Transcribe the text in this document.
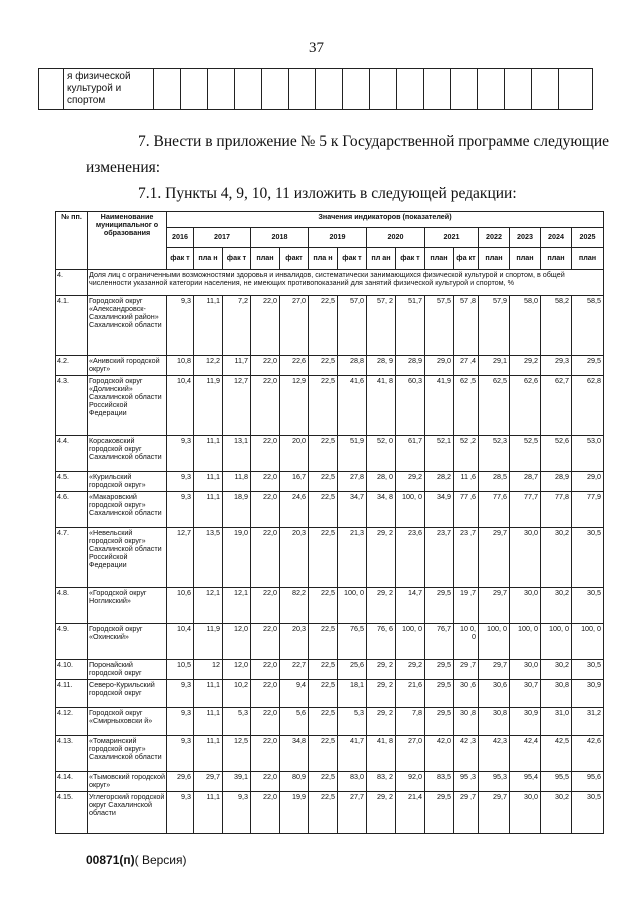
37
	я физической культурой и спортом																
7. Внести в приложение № 5 к Государственной программе следующие
изменения:
7.1. Пункты 4, 9, 10, 11 изложить в следующей редакции:
№ пп.	Наименование муниципальног о образования	Значения индикаторов (показателей)														
		2016	2017		2018		2019		2020		2021		2022	2023	2024	2025
		фак т	пла н	фак т	план	факт	пла н	фак т	пл ан	фак т	план	фа кт	план	план	план	план
4.	Доля лиц с ограниченными возможностями здоровья и инвалидов, систематически занимающихся физической культурой и спортом, в общей численности указанной категории населения, не имеющих противопоказаний для занятий физической культурой и спортом, %															
4.1.	Городской округ «Александровск-Сахалинский район» Сахалинской области	9,3	11,1	7,2	22,0	27,0	22,5	57,0	57, 2	51,7	57,5	57 ,8	57,9	58,0	58,2	58,5
4.2.	«Анивский городской округ»	10,8	12,2	11,7	22,0	22,6	22,5	28,8	28, 9	28,9	29,0	27 ,4	29,1	29,2	29,3	29,5
4.3.	Городской округ «Долинский» Сахалинской области Российской Федерации	10,4	11,9	12,7	22,0	12,9	22,5	41,6	41, 8	60,3	41,9	62 ,5	62,5	62,6	62,7	62,8
4.4.	Корсаковский городской округ Сахалинской области	9,3	11,1	13,1	22,0	20,0	22,5	51,9	52, 0	61,7	52,1	52 ,2	52,3	52,5	52,6	53,0
4.5.	«Курильский городской округ»	9,3	11,1	11,8	22,0	16,7	22,5	27,8	28, 0	29,2	28,2	11 ,6	28,5	28,7	28,9	29,0
4.6.	«Макаровский городской округ» Сахалинской области	9,3	11,1	18,9	22,0	24,6	22,5	34,7	34, 8	100, 0	34,9	77 ,6	77,6	77,7	77,8	77,9
4.7.	«Невельский городской округ» Сахалинской области Российской Федерации	12,7	13,5	19,0	22,0	20,3	22,5	21,3	29, 2	23,6	23,7	23 ,7	29,7	30,0	30,2	30,5
4.8.	«Городской округ Ногликский»	10,6	12,1	12,1	22,0	82,2	22,5	100, 0	29, 2	14,7	29,5	19 ,7	29,7	30,0	30,2	30,5
4.9.	Городской округ «Охинский»	10,4	11,9	12,0	22,0	20,3	22,5	76,5	76, 6	100, 0	76,7	10 0, 0	100, 0	100, 0	100, 0	100, 0
4.10.	Поронайский городской округ	10,5	12	12,0	22,0	22,7	22,5	25,6	29, 2	29,2	29,5	29 ,7	29,7	30,0	30,2	30,5
4.11.	Северо-Курильский городской округ	9,3	11,1	10,2	22,0	9,4	22,5	18,1	29, 2	21,6	29,5	30 ,6	30,6	30,7	30,8	30,9
4.12.	Городской округ «Смирныховски й»	9,3	11,1	5,3	22,0	5,6	22,5	5,3	29, 2	7,8	29,5	30 ,8	30,8	30,9	31,0	31,2
4.13.	«Томаринский городской округ» Сахалинской области	9,3	11,1	12,5	22,0	34,8	22,5	41,7	41, 8	27,0	42,0	42 ,3	42,3	42,4	42,5	42,6
4.14.	«Тымовский городской округ»	29,6	29,7	39,1	22,0	80,9	22,5	83,0	83, 2	92,0	83,5	95 ,3	95,3	95,4	95,5	95,6
4.15.	Углегорский городской округ Сахалинской области	9,3	11,1	9,3	22,0	19,9	22,5	27,7	29, 2	21,4	29,5	29 ,7	29,7	30,0	30,2	30,5
00871(п)( Версия)
